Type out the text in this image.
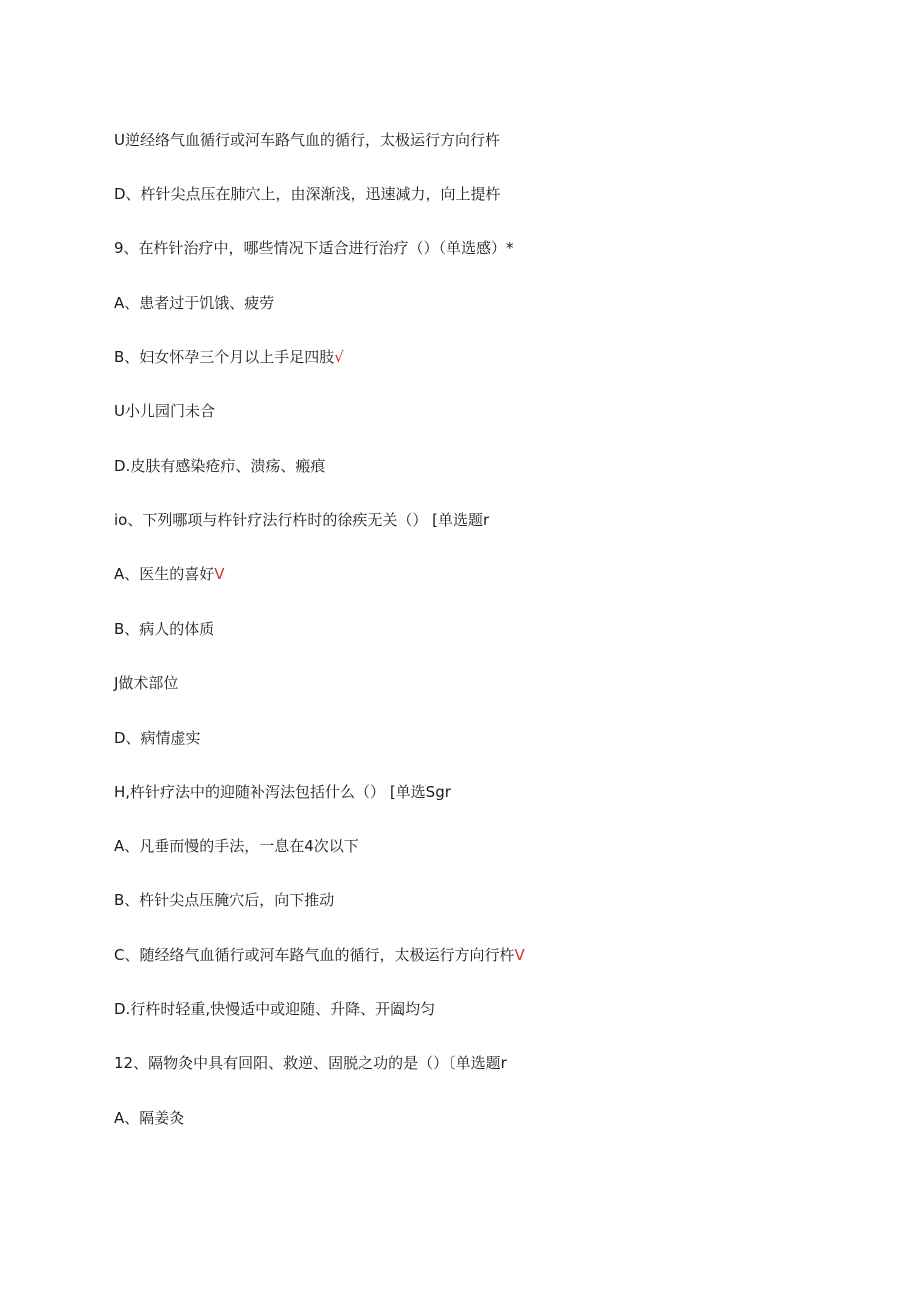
U逆经络气血循行或河车路气血的循行，太极运行方向行杵
D、杵针尖点压在肺穴上，由深渐浅，迅速减力，向上提杵
9、在杵针治疗中，哪些情况下适合进行治疗（）（单选感）*
A、患者过于饥饿、疲劳
B、妇女怀孕三个月以上手足四肢√
U小儿园门未合
D.皮肤有感染疮疖、溃疡、瘢痕
io、下列哪项与杵针疗法行杵时的徐疾无关（） [单选题r
A、医生的喜好V
B、病人的体质
J做术部位
D、病情虚实
H,杵针疗法中的迎随补泻法包括什么（） [单选Sgr
A、凡垂而慢的手法，一息在4次以下
B、杵针尖点压腌穴后，向下推动
C、随经络气血循行或河车路气血的循行，太极运行方向行杵V
D.行杵时轻重,快慢适中或迎随、升降、开阖均匀
12、隔物灸中具有回阳、救逆、固脱之功的是（）〔单选题r
A、隔姜灸
